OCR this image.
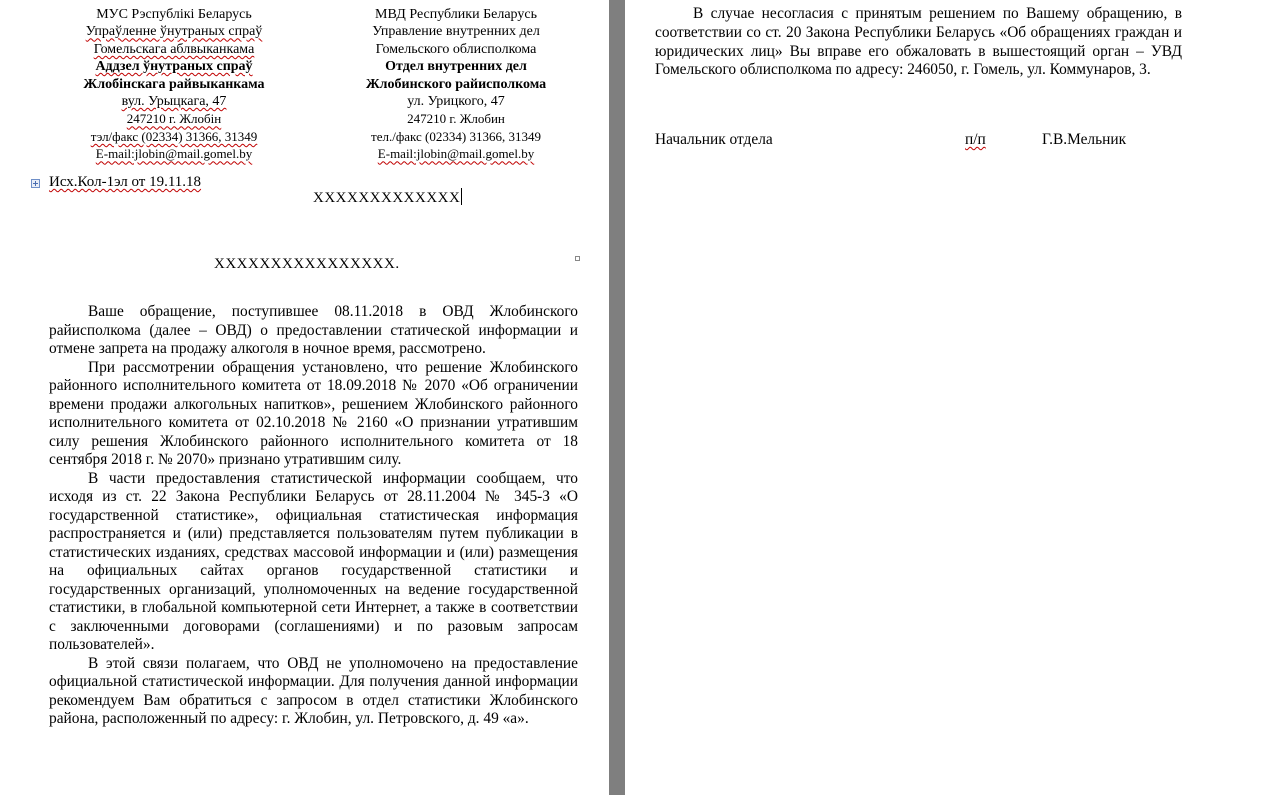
МУС Рэспублікі Беларусь
Упраўленне ўнутраных спраў
Гомельскага аблвыканкама
Аддзел ўнутраных спраў
Жлобінскага райвыканкама
вул. Урыцкага, 47
247210 г. Жлобін
тэл/факс (02334) 31366, 31349
E-mail:jlobin@mail.gomel.by
МВД Республики Беларусь
Управление внутренних дел
Гомельского облисполкома
Отдел внутренних дел
Жлобинского райисполкома
ул. Урицкого, 47
247210 г. Жлобин
тел./факс (02334) 31366, 31349
E-mail:jlobin@mail.gomel.by
Исх.Кол-1эл от 19.11.18
ХХХХХХХХХХХХХ
ХХХХХХХХХХХХХХХХ.

Ваше обращение, поступившее 08.11.2018 в ОВД Жлобинского райисполкома (далее – ОВД) о предоставлении статической информации и отмене запрета на продажу алкоголя в ночное время, рассмотрено.

При рассмотрении обращения установлено, что решение Жлобинского районного исполнительного комитета от 18.09.2018 № 2070 «Об ограничении времени продажи алкогольных напитков», решением Жлобинского районного исполнительного комитета от 02.10.2018 № 2160 «О признании утратившим силу решения Жлобинского районного исполнительного комитета от 18 сентября 2018 г. № 2070» признано утратившим силу.

В части предоставления статистической информации сообщаем, что исходя из ст. 22 Закона Республики Беларусь от 28.11.2004 № 345-З «О государственной статистике», официальная статистическая информация распространяется и (или) представляется пользователям путем публикации в статистических изданиях, средствах массовой информации и (или) размещения на официальных сайтах органов государственной статистики и государственных организаций, уполномоченных на ведение государственной статистики, в глобальной компьютерной сети Интернет, а также в соответствии с заключенными договорами (соглашениями) и по разовым запросам пользователей».

В этой связи полагаем, что ОВД не уполномочено на предоставление официальной статистической информации. Для получения данной информации рекомендуем Вам обратиться с запросом в отдел статистики Жлобинского района, расположенный по адресу: г. Жлобин, ул. Петровского, д. 49 «а».

В случае несогласия с принятым решением по Вашему обращению, в соответствии со ст. 20 Закона Республики Беларусь «Об обращениях граждан и юридических лиц» Вы вправе его обжаловать в вышестоящий орган – УВД Гомельского облисполкома по адресу: 246050, г. Гомель, ул. Коммунаров, 3.

Начальник отдела	п/п	Г.В.Мельник
